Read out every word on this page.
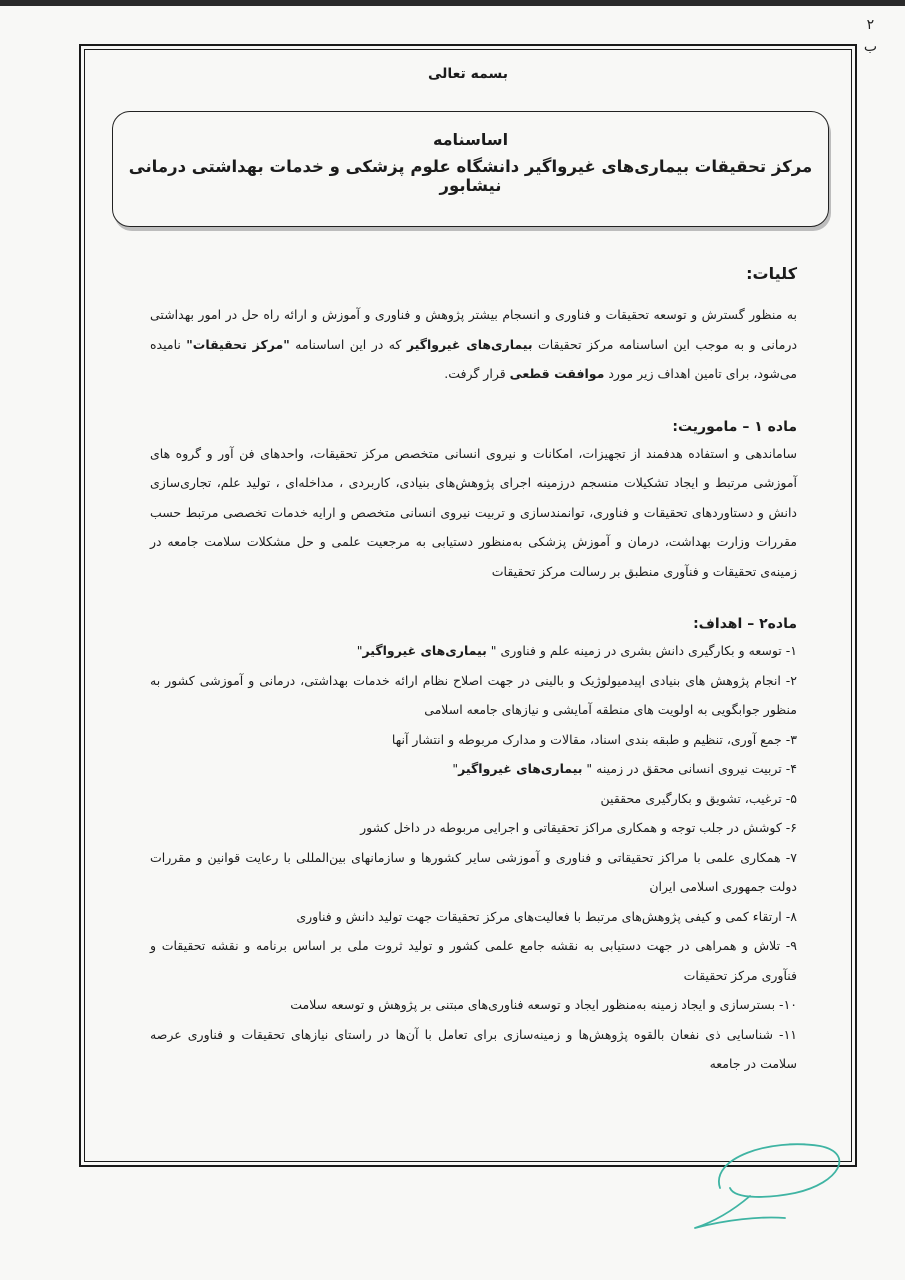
۲
ب
بسمه تعالی
اساسنامه
مرکز تحقیقات بیماری‌های غیرواگیر دانشگاه علوم پزشکی و خدمات بهداشتی درمانی نیشابور
کلیات:
به منظور گسترش و توسعه تحقیقات و فناوری و انسجام بیشتر پژوهش و فناوری و آموزش و ارائه راه حل در امور بهداشتی درمانی و به موجب این اساسنامه مرکز تحقیقات بیماری‌های غیرواگیر که در این اساسنامه "مرکز تحقیقات" نامیده می‌شود، برای تامین اهداف زیر مورد موافقت قطعی قرار گرفت.
ماده ۱ – ماموریت:
ساماندهی و استفاده هدفمند از تجهیزات، امکانات و نیروی انسانی متخصص مرکز تحقیقات، واحدهای فن آور و گروه های آموزشی مرتبط و ایجاد تشکیلات منسجم درزمینه اجرای پژوهش‌های بنیادی، کاربردی ، مداخله‌ای ، تولید علم، تجاری‌سازی دانش و دستاوردهای تحقیقات و فناوری، توانمندسازی و تربیت نیروی انسانی متخصص و ارایه خدمات تخصصی مرتبط حسب مقررات وزارت بهداشت، درمان و آموزش پزشکی به‌منظور دستیابی به مرجعیت علمی و حل مشکلات سلامت جامعه در زمینه‌ی تحقیقات و فنآوری منطبق بر رسالت مرکز تحقیقات
ماده۲ – اهداف:
۱- توسعه و بکارگیری دانش بشری در زمینه علم و فناوری " بیماری‌های غیرواگیر"
۲- انجام پژوهش های بنیادی اپیدمیولوژیک و بالینی در جهت اصلاح نظام ارائه خدمات بهداشتی، درمانی و آموزشی کشور به منظور جوابگویی به اولویت های منطقه آمایشی و نیازهای جامعه اسلامی
۳- جمع آوری، تنظیم و طبقه بندی اسناد، مقالات و مدارک مربوطه و انتشار آنها
۴- تربیت نیروی انسانی محقق در زمینه " بیماری‌های غیرواگیر"
۵- ترغیب، تشویق و بکارگیری محققین
۶- کوشش در جلب توجه و همکاری مراکز تحقیقاتی و اجرایی مربوطه در داخل کشور
۷- همکاری علمی با مراکز تحقیقاتی و فناوری و آموزشی سایر کشورها و سازمانهای بین‌المللی با رعایت قوانین و مقررات دولت جمهوری اسلامی ایران
۸- ارتقاء کمی و کیفی پژوهش‌های مرتبط با فعالیت‌های مرکز تحقیقات جهت تولید دانش و فناوری
۹- تلاش و همراهی در جهت دستیابی به نقشه جامع علمی کشور و تولید ثروت ملی بر اساس برنامه و نقشه تحقیقات و فنآوری مرکز تحقیقات
۱۰- بسترسازی و ایجاد زمینه به‌منظور ایجاد و توسعه فناوری‌های مبتنی بر پژوهش و توسعه سلامت
۱۱- شناسایی ذی نفعان بالقوه پژوهش‌ها و زمینه‌سازی برای تعامل با آن‌ها در راستای نیازهای تحقیقات و فناوری عرصه سلامت در جامعه
